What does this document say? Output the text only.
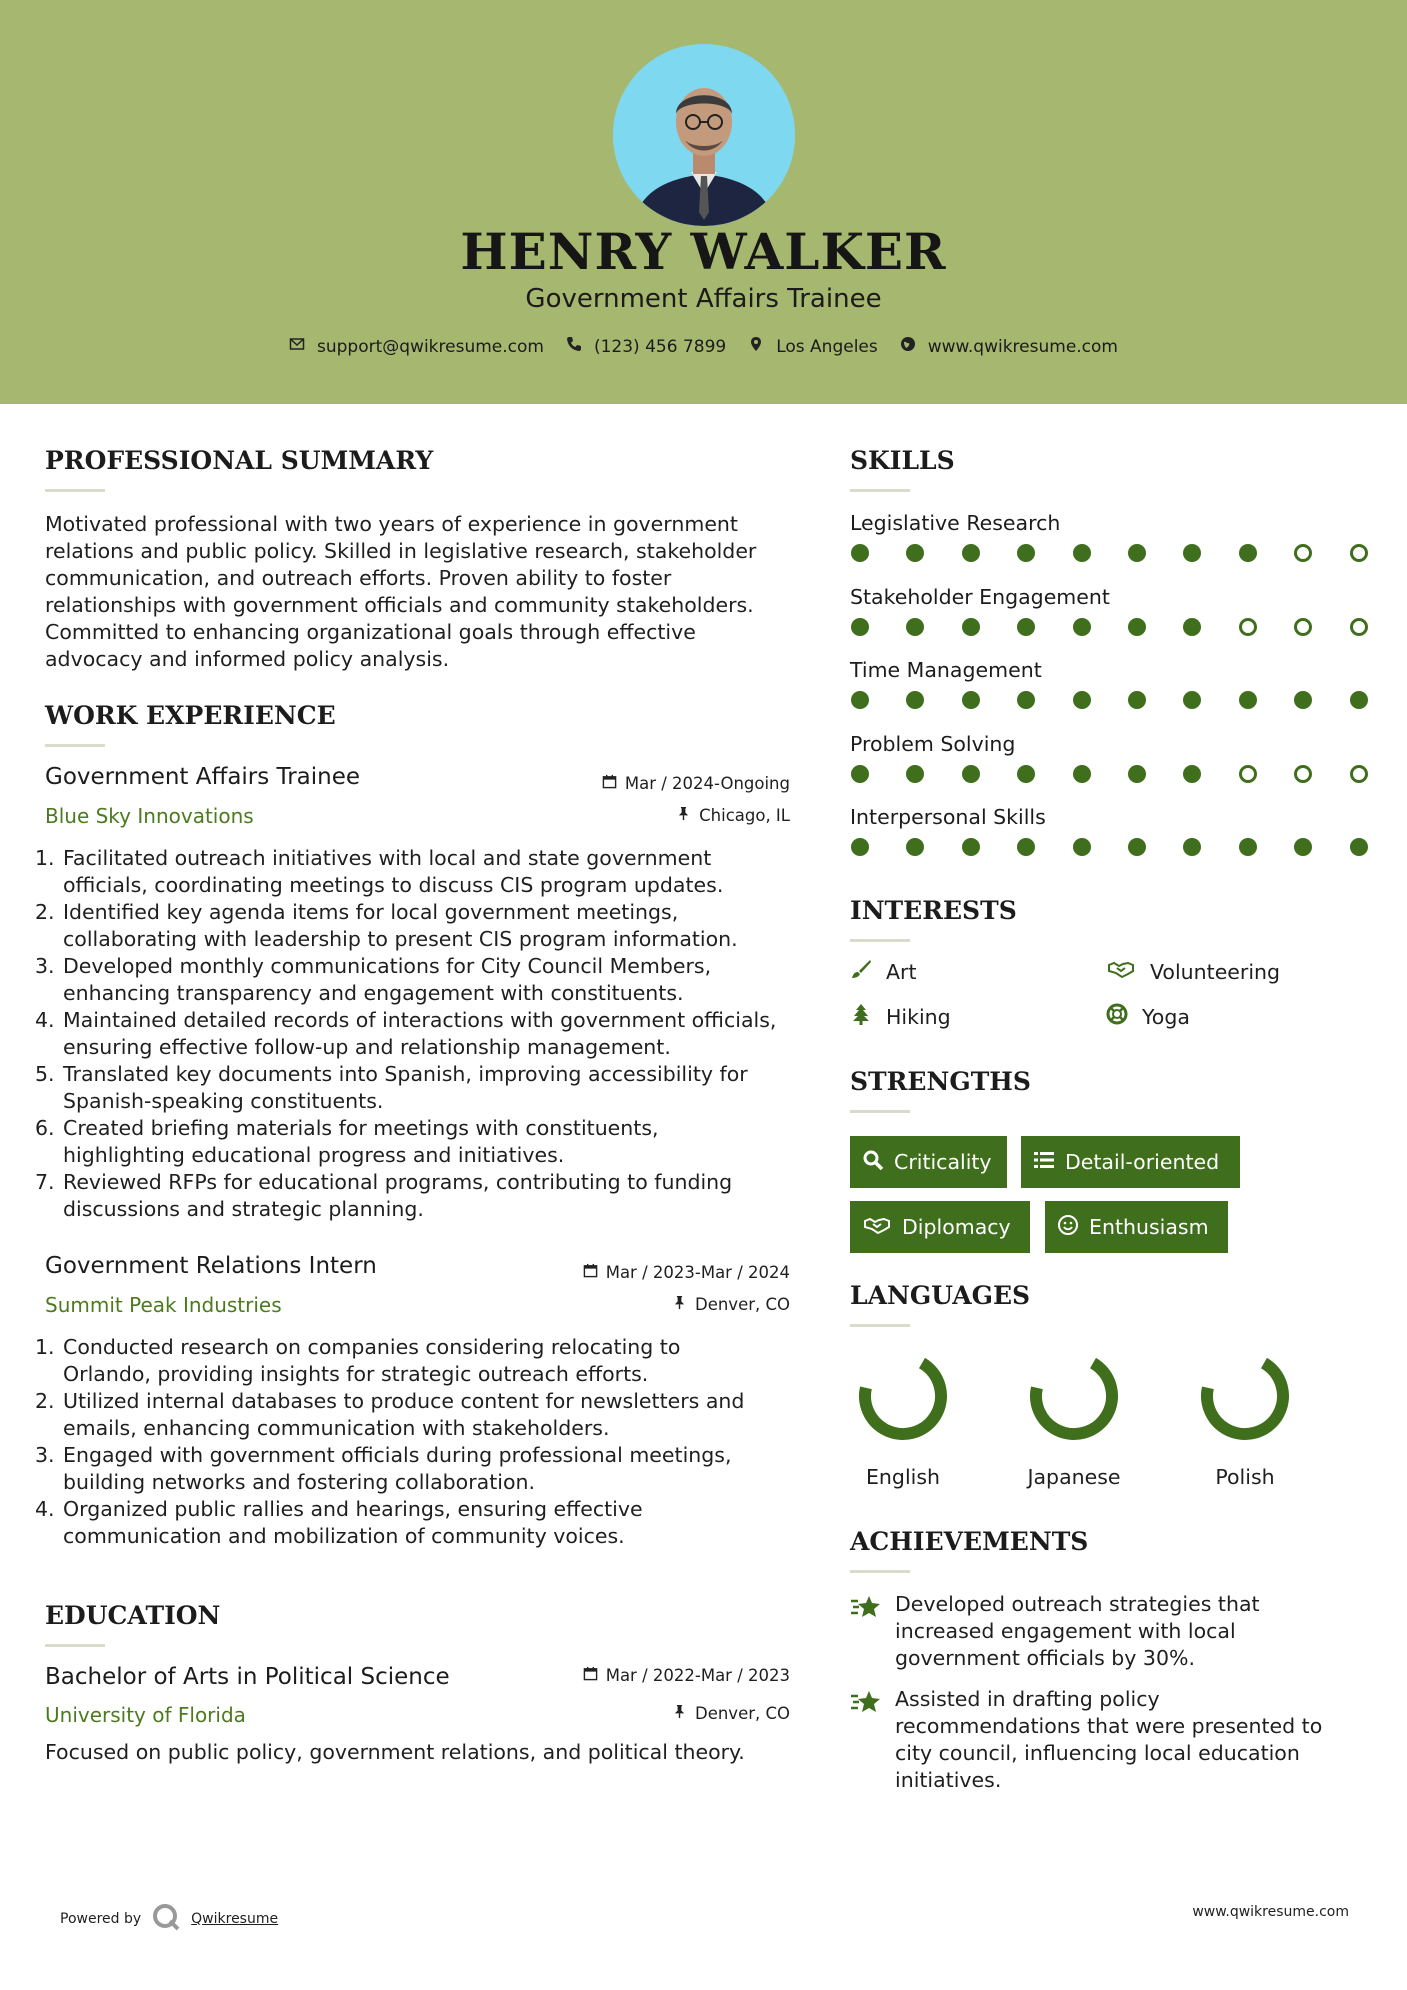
HENRY WALKER
Government Affairs Trainee
support@qwikresume.com	(123) 456 7899	Los Angeles	www.qwikresume.com
PROFESSIONAL SUMMARY
Motivated professional with two years of experience in government
relations and public policy. Skilled in legislative research, stakeholder
communication, and outreach efforts. Proven ability to foster
relationships with government officials and community stakeholders.
Committed to enhancing organizational goals through effective
advocacy and informed policy analysis.
WORK EXPERIENCE
Government Affairs Trainee	Mar / 2024-Ongoing
Blue Sky Innovations	Chicago, IL
1. Facilitated outreach initiatives with local and state government
officials, coordinating meetings to discuss CIS program updates.
2. Identified key agenda items for local government meetings,
collaborating with leadership to present CIS program information.
3. Developed monthly communications for City Council Members,
enhancing transparency and engagement with constituents.
4. Maintained detailed records of interactions with government officials,
ensuring effective follow-up and relationship management.
5. Translated key documents into Spanish, improving accessibility for
Spanish-speaking constituents.
6. Created briefing materials for meetings with constituents,
highlighting educational progress and initiatives.
7. Reviewed RFPs for educational programs, contributing to funding
discussions and strategic planning.
Government Relations Intern	Mar / 2023-Mar / 2024
Summit Peak Industries	Denver, CO
1. Conducted research on companies considering relocating to
Orlando, providing insights for strategic outreach efforts.
2. Utilized internal databases to produce content for newsletters and
emails, enhancing communication with stakeholders.
3. Engaged with government officials during professional meetings,
building networks and fostering collaboration.
4. Organized public rallies and hearings, ensuring effective
communication and mobilization of community voices.
EDUCATION
Bachelor of Arts in Political Science	Mar / 2022-Mar / 2023
University of Florida	Denver, CO
Focused on public policy, government relations, and political theory.
SKILLS
Legislative Research
Stakeholder Engagement
Time Management
Problem Solving
Interpersonal Skills
INTERESTS
Art	Volunteering
Hiking	Yoga
STRENGTHS
Criticality	Detail-oriented
Diplomacy	Enthusiasm
LANGUAGES
English	Japanese	Polish
ACHIEVEMENTS
Developed outreach strategies that
increased engagement with local
government officials by 30%.
Assisted in drafting policy
recommendations that were presented to
city council, influencing local education
initiatives.
Powered by	Qwikresume	www.qwikresume.com
